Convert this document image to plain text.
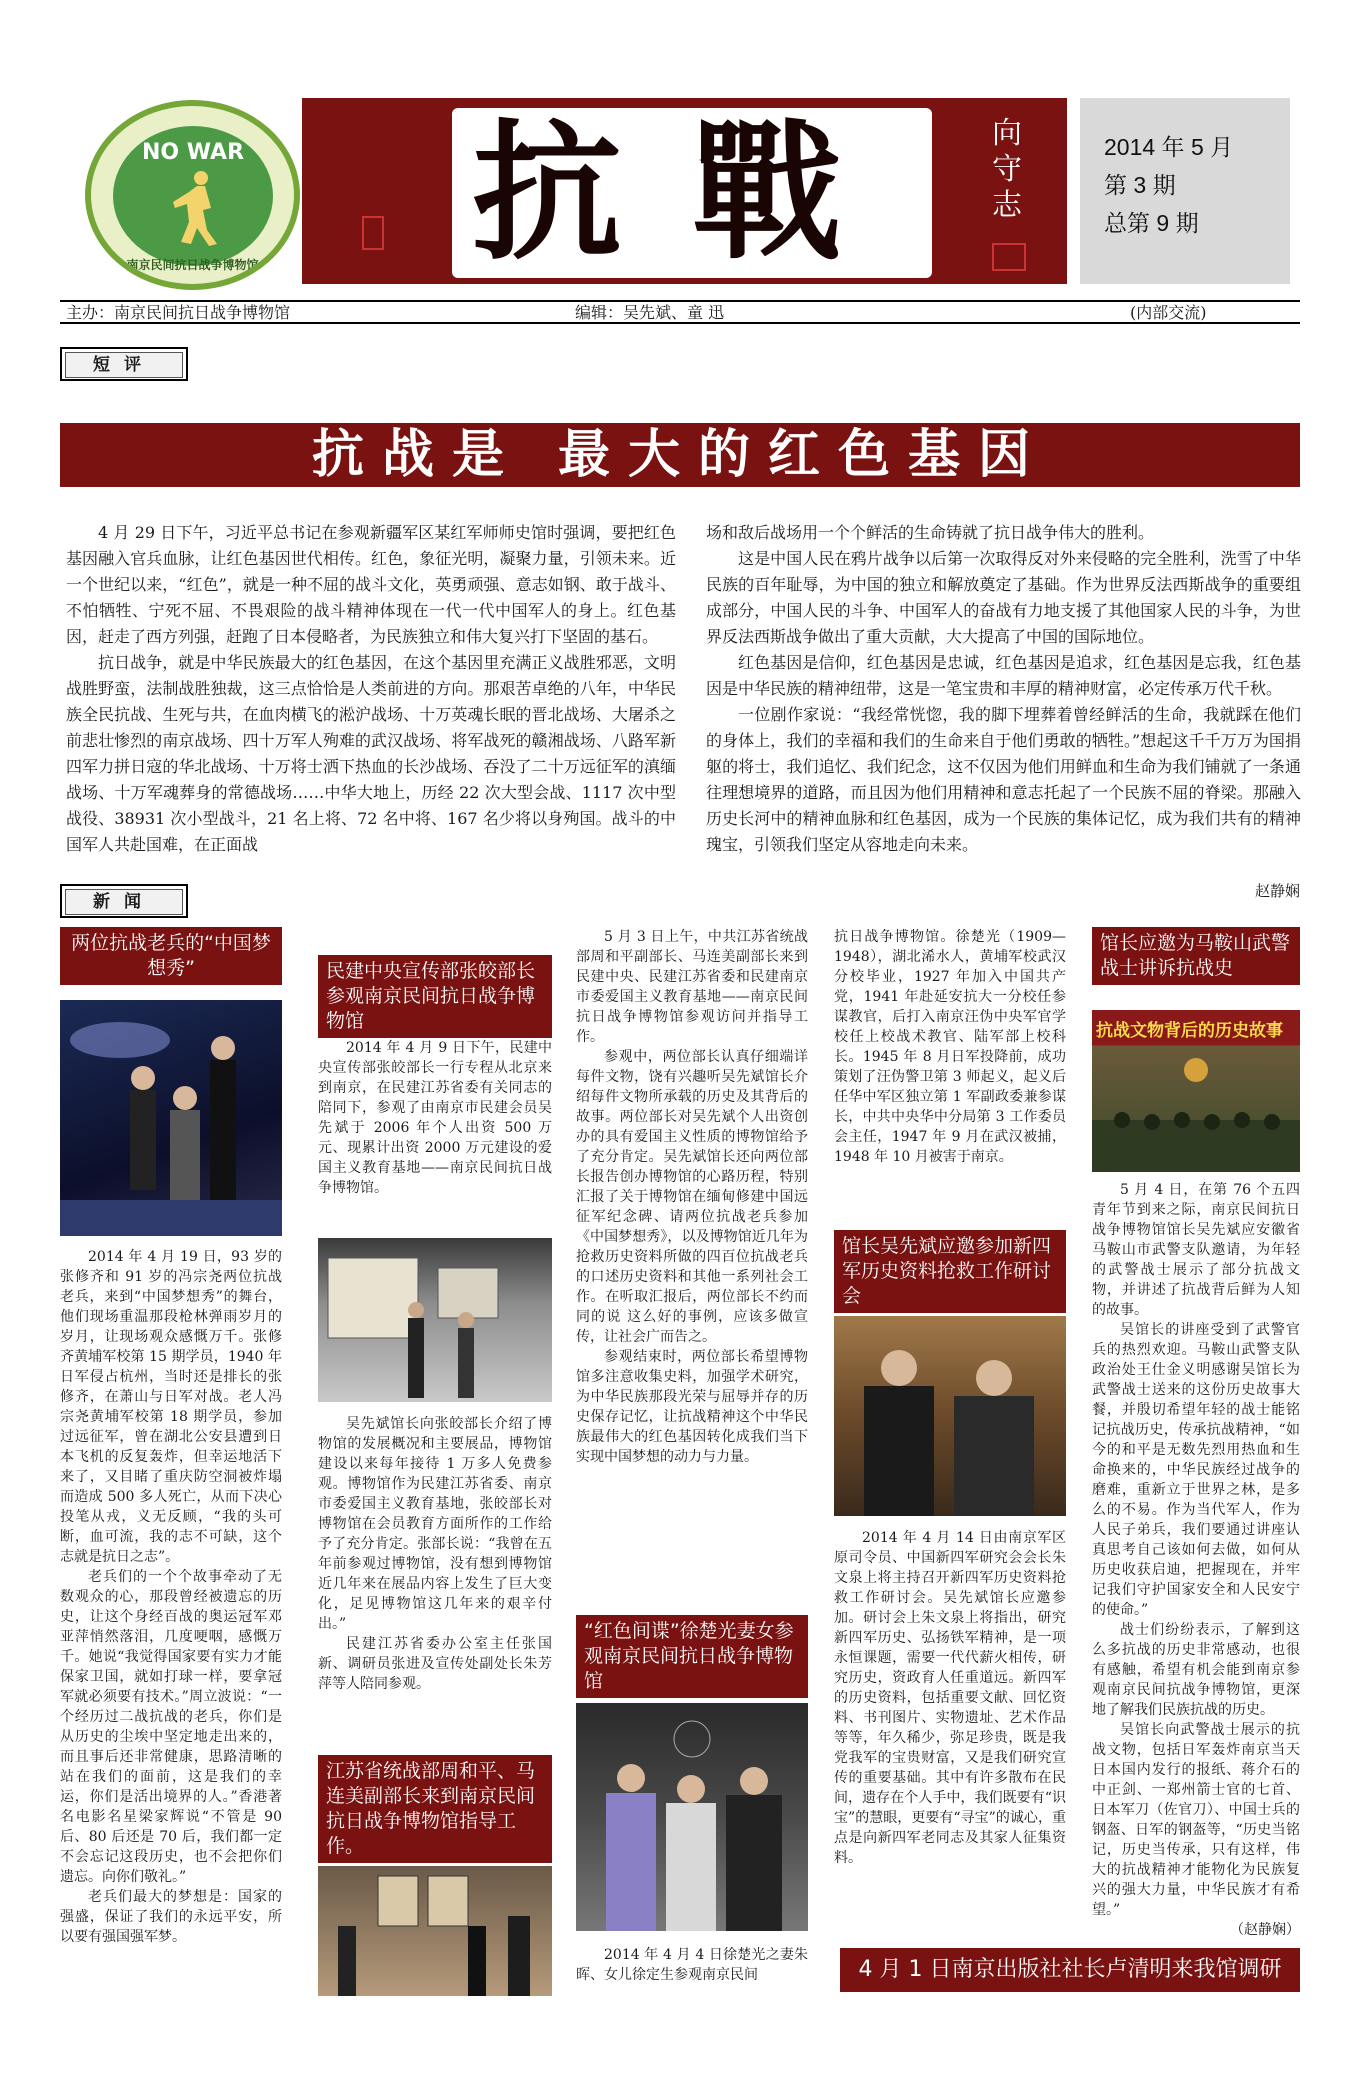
NO WAR
南京民间抗日战争博物馆 抗戰	向守志
2014 年 5 月
第 3 期
总第 9 期
主办：南京民间抗日战争博物馆	编辑：吴先斌、童 迅	(内部交流)
短评
抗战是 最大的红色基因

4 月 29 日下午，习近平总书记在参观新疆军区某红军师师史馆时强调，要把红色基因融入官兵血脉，让红色基因世代相传。红色，象征光明，凝聚力量，引领未来。近一个世纪以来，“红色”，就是一种不屈的战斗文化，英勇顽强、意志如钢、敢于战斗、不怕牺牲、宁死不屈、不畏艰险的战斗精神体现在一代一代中国军人的身上。红色基因，赶走了西方列强，赶跑了日本侵略者，为民族独立和伟大复兴打下坚固的基石。

抗日战争，就是中华民族最大的红色基因，在这个基因里充满正义战胜邪恶，文明战胜野蛮，法制战胜独裁，这三点恰恰是人类前进的方向。那艰苦卓绝的八年，中华民族全民抗战、生死与共，在血肉横飞的淞沪战场、十万英魂长眠的晋北战场、大屠杀之前悲壮惨烈的南京战场、四十万军人殉难的武汉战场、将军战死的赣湘战场、八路军新四军力拼日寇的华北战场、十万将士洒下热血的长沙战场、吞没了二十万远征军的滇缅战场、十万军魂葬身的常德战场……中华大地上，历经 22 次大型会战、1117 次中型战役、38931 次小型战斗，21 名上将、72 名中将、167 名少将以身殉国。战斗的中国军人共赴国难，在正面战

场和敌后战场用一个个鲜活的生命铸就了抗日战争伟大的胜利。

这是中国人民在鸦片战争以后第一次取得反对外来侵略的完全胜利，洗雪了中华民族的百年耻辱，为中国的独立和解放奠定了基础。作为世界反法西斯战争的重要组成部分，中国人民的斗争、中国军人的奋战有力地支援了其他国家人民的斗争，为世界反法西斯战争做出了重大贡献，大大提高了中国的国际地位。

红色基因是信仰，红色基因是忠诚，红色基因是追求，红色基因是忘我，红色基因是中华民族的精神纽带，这是一笔宝贵和丰厚的精神财富，必定传承万代千秋。

一位剧作家说：“我经常恍惚，我的脚下埋葬着曾经鲜活的生命，我就踩在他们的身体上，我们的幸福和我们的生命来自于他们勇敢的牺牲。”想起这千千万万为国捐躯的将士，我们追忆、我们纪念，这不仅因为他们用鲜血和生命为我们铺就了一条通往理想境界的道路，而且因为他们用精神和意志托起了一个民族不屈的脊梁。那融入历史长河中的精神血脉和红色基因，成为一个民族的集体记忆，成为我们共有的精神瑰宝，引领我们坚定从容地走向未来。

赵静娴
新闻
两位抗战老兵的“中国梦想秀”

2014 年 4 月 19 日，93 岁的张修齐和 91 岁的冯宗尧两位抗战老兵，来到“中国梦想秀”的舞台，他们现场重温那段枪林弹雨岁月的岁月，让现场观众感慨万千。张修齐黄埔军校第 15 期学员，1940 年日军侵占杭州，当时还是排长的张修齐，在萧山与日军对战。老人冯宗尧黄埔军校第 18 期学员，参加过远征军，曾在湖北公安县遭到日本飞机的反复轰炸，但幸运地活下来了，又目睹了重庆防空洞被炸塌而造成 500 多人死亡，从而下决心投笔从戎，义无反顾，“我的头可断，血可流，我的志不可缺，这个志就是抗日之志”。

老兵们的一个个故事牵动了无数观众的心，那段曾经被遗忘的历史，让这个身经百战的奥运冠军邓亚萍悄然落泪，几度哽咽，感慨万千。她说“我觉得国家要有实力才能保家卫国，就如打球一样，要拿冠军就必须要有技术。”周立波说：“一个经历过二战抗战的老兵，你们是从历史的尘埃中坚定地走出来的，而且事后还非常健康，思路清晰的站在我们的面前，这是我们的幸运，你们是活出境界的人。”香港著名电影名星梁家辉说“不管是 90 后、80 后还是 70 后，我们都一定不会忘记这段历史，也不会把你们遗忘。向你们敬礼。”

老兵们最大的梦想是：国家的强盛，保证了我们的永远平安，所以要有强国强军梦。

民建中央宣传部张皎部长参观南京民间抗日战争博物馆

2014 年 4 月 9 日下午，民建中央宣传部张皎部长一行专程从北京来到南京，在民建江苏省委有关同志的陪同下，参观了由南京市民建会员吴先斌于 2006 年个人出资 500 万元、现累计出资 2000 万元建设的爱国主义教育基地——南京民间抗日战争博物馆。

吴先斌馆长向张皎部长介绍了博物馆的发展概况和主要展品，博物馆建设以来每年接待 1 万多人免费参观。博物馆作为民建江苏省委、南京市委爱国主义教育基地，张皎部长对博物馆在会员教育方面所作的工作给予了充分肯定。张部长说：“我曾在五年前参观过博物馆，没有想到博物馆近几年来在展品内容上发生了巨大变化，足见博物馆这几年来的艰辛付出。”

民建江苏省委办公室主任张国新、调研员张进及宣传处副处长朱芳萍等人陪同参观。

江苏省统战部周和平、马连美副部长来到南京民间抗日战争博物馆指导工作。

5 月 3 日上午，中共江苏省统战部周和平副部长、马连美副部长来到民建中央、民建江苏省委和民建南京市委爱国主义教育基地——南京民间抗日战争博物馆参观访问并指导工作。

参观中，两位部长认真仔细端详每件文物，饶有兴趣听吴先斌馆长介绍每件文物所承载的历史及其背后的故事。两位部长对吴先斌个人出资创办的具有爱国主义性质的博物馆给予了充分肯定。吴先斌馆长还向两位部长报告创办博物馆的心路历程，特别汇报了关于博物馆在缅甸修建中国远征军纪念碑、请两位抗战老兵参加《中国梦想秀》，以及博物馆近几年为抢救历史资料所做的四百位抗战老兵的口述历史资料和其他一系列社会工作。在听取汇报后，两位部长不约而同的说 这么好的事例，应该多做宣传，让社会广而告之。

参观结束时，两位部长希望博物馆多注意收集史料，加强学术研究，为中华民族那段光荣与屈辱并存的历史保存记忆，让抗战精神这个中华民族最伟大的红色基因转化成我们当下实现中国梦想的动力与力量。

“红色间谍”徐楚光妻女参观南京民间抗日战争博物馆

2014 年 4 月 4 日徐楚光之妻朱晖、女儿徐定生参观南京民间

抗日战争博物馆。徐楚光（1909—1948），湖北浠水人，黄埔军校武汉分校毕业，1927 年加入中国共产党，1941 年赴延安抗大一分校任参谋教官，后打入南京汪伪中央军官学校任上校战术教官、陆军部上校科长。1945 年 8 月日军投降前，成功策划了汪伪警卫第 3 师起义，起义后任华中军区独立第 1 军副政委兼参谋长，中共中央华中分局第 3 工作委员会主任，1947 年 9 月在武汉被捕，1948 年 10 月被害于南京。

馆长吴先斌应邀参加新四军历史资料抢救工作研讨会

2014 年 4 月 14 日由南京军区原司令员、中国新四军研究会会长朱文泉上将主持召开新四军历史资料抢救工作研讨会。吴先斌馆长应邀参加。研讨会上朱文泉上将指出，研究新四军历史、弘扬铁军精神，是一项永恒课题，需要一代代薪火相传，研究历史，资政育人任重道远。新四军的历史资料，包括重要文献、回忆资料、书刊图片、实物遗址、艺术作品等等，年久稀少，弥足珍贵，既是我党我军的宝贵财富，又是我们研究宣传的重要基础。其中有许多散布在民间，遗存在个人手中，我们既要有“识宝”的慧眼，更要有“寻宝”的诚心，重点是向新四军老同志及其家人征集资料。

馆长应邀为马鞍山武警战士讲诉抗战史
抗战文物背后的历史故事

5 月 4 日，在第 76 个五四青年节到来之际，南京民间抗日战争博物馆馆长吴先斌应安徽省马鞍山市武警支队邀请，为年轻的武警战士展示了部分抗战文物，并讲述了抗战背后鲜为人知的故事。

吴馆长的讲座受到了武警官兵的热烈欢迎。马鞍山武警支队政治处王仕金义明感谢吴馆长为武警战士送来的这份历史故事大餐，并殷切希望年轻的战士能铭记抗战历史，传承抗战精神，“如今的和平是无数先烈用热血和生命换来的，中华民族经过战争的磨难，重新立于世界之林，是多么的不易。作为当代军人，作为人民子弟兵，我们要通过讲座认真思考自己该如何去做，如何从历史收获启迪，把握现在，并牢记我们守护国家安全和人民安宁的使命。”

战士们纷纷表示，了解到这么多抗战的历史非常感动，也很有感触，希望有机会能到南京参观南京民间抗战争博物馆，更深地了解我们民族抗战的历史。

吴馆长向武警战士展示的抗战文物，包括日军轰炸南京当天日本国内发行的报纸、蒋介石的中正剑、一郑州箭士官的七首、日本军刀（佐官刀）、中国士兵的钢盔、日军的钢盔等，“历史当铭记，历史当传承，只有这样，伟大的抗战精神才能物化为民族复兴的强大力量，中华民族才有希望。”

（赵静娴）
4 月 1 日南京出版社社长卢清明来我馆调研
